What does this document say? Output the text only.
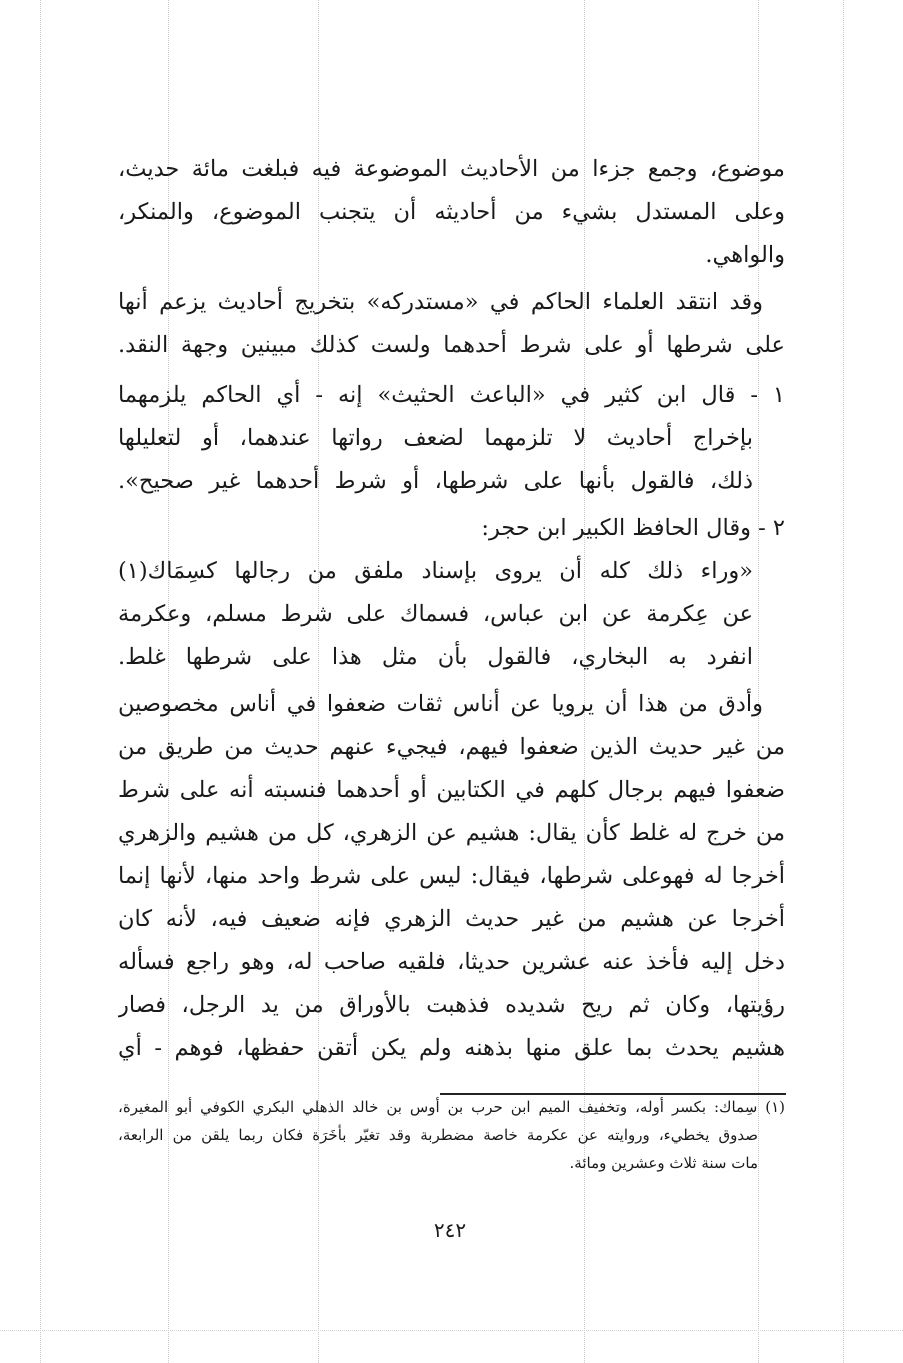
موضوع، وجمع جزءا من الأحاديث الموضوعة فيه فبلغت مائة حديث،
وعلى المستدل بشيء من أحاديثه أن يتجنب الموضوع، والمنكر،
والواهي.
وقد انتقد العلماء الحاكم في «مستدركه» بتخريج أحاديث يزعم أنها
على شرطها أو على شرط أحدهما ولست كذلك مبينين وجهة النقد.
١ - قال ابن كثير في «الباعث الحثيث» إنه - أي الحاكم يلزمهما
بإخراج أحاديث لا تلزمهما لضعف رواتها عندهما، أو لتعليلها
ذلك، فالقول بأنها على شرطها، أو شرط أحدهما غير صحيح».
٢ - وقال الحافظ الكبير ابن حجر:
«وراء ذلك كله أن يروى بإسناد ملفق من رجالها كسِمَاك(١)
عن عِكرمة عن ابن عباس، فسماك على شرط مسلم، وعكرمة
انفرد به البخاري، فالقول بأن مثل هذا على شرطها غلط.
وأدق من هذا أن يرويا عن أناس ثقات ضعفوا في أناس مخصوصين
من غير حديث الذين ضعفوا فيهم، فيجيء عنهم حديث من طريق من
ضعفوا فيهم برجال كلهم في الكتابين أو أحدهما فنسبته أنه على شرط
من خرج له غلط كأن يقال: هشيم عن الزهري، كل من هشيم والزهري
أخرجا له فهوعلى شرطها، فيقال: ليس على شرط واحد منها، لأنها إنما
أخرجا عن هشيم من غير حديث الزهري فإنه ضعيف فيه، لأنه كان
دخل إليه فأخذ عنه عشرين حديثا، فلقيه صاحب له، وهو راجع فسأله
رؤيتها، وكان ثم ريح شديده فذهبت بالأوراق من يد الرجل، فصار
هشيم يحدث بما علق منها بذهنه ولم يكن أتقن حفظها، فوهم - أي
(١) سِماك: بكسر أوله، وتخفيف الميم ابن حرب بن أوس بن خالد الذهلي البكري الكوفي أبو المغيرة،
صدوق يخطيء، وروايته عن عكرمة خاصة مضطربة وقد تغيّر بأخَرَة فكان ربما يلقن من الرابعة،
مات سنة ثلاث وعشرين ومائة.
٢٤٢
